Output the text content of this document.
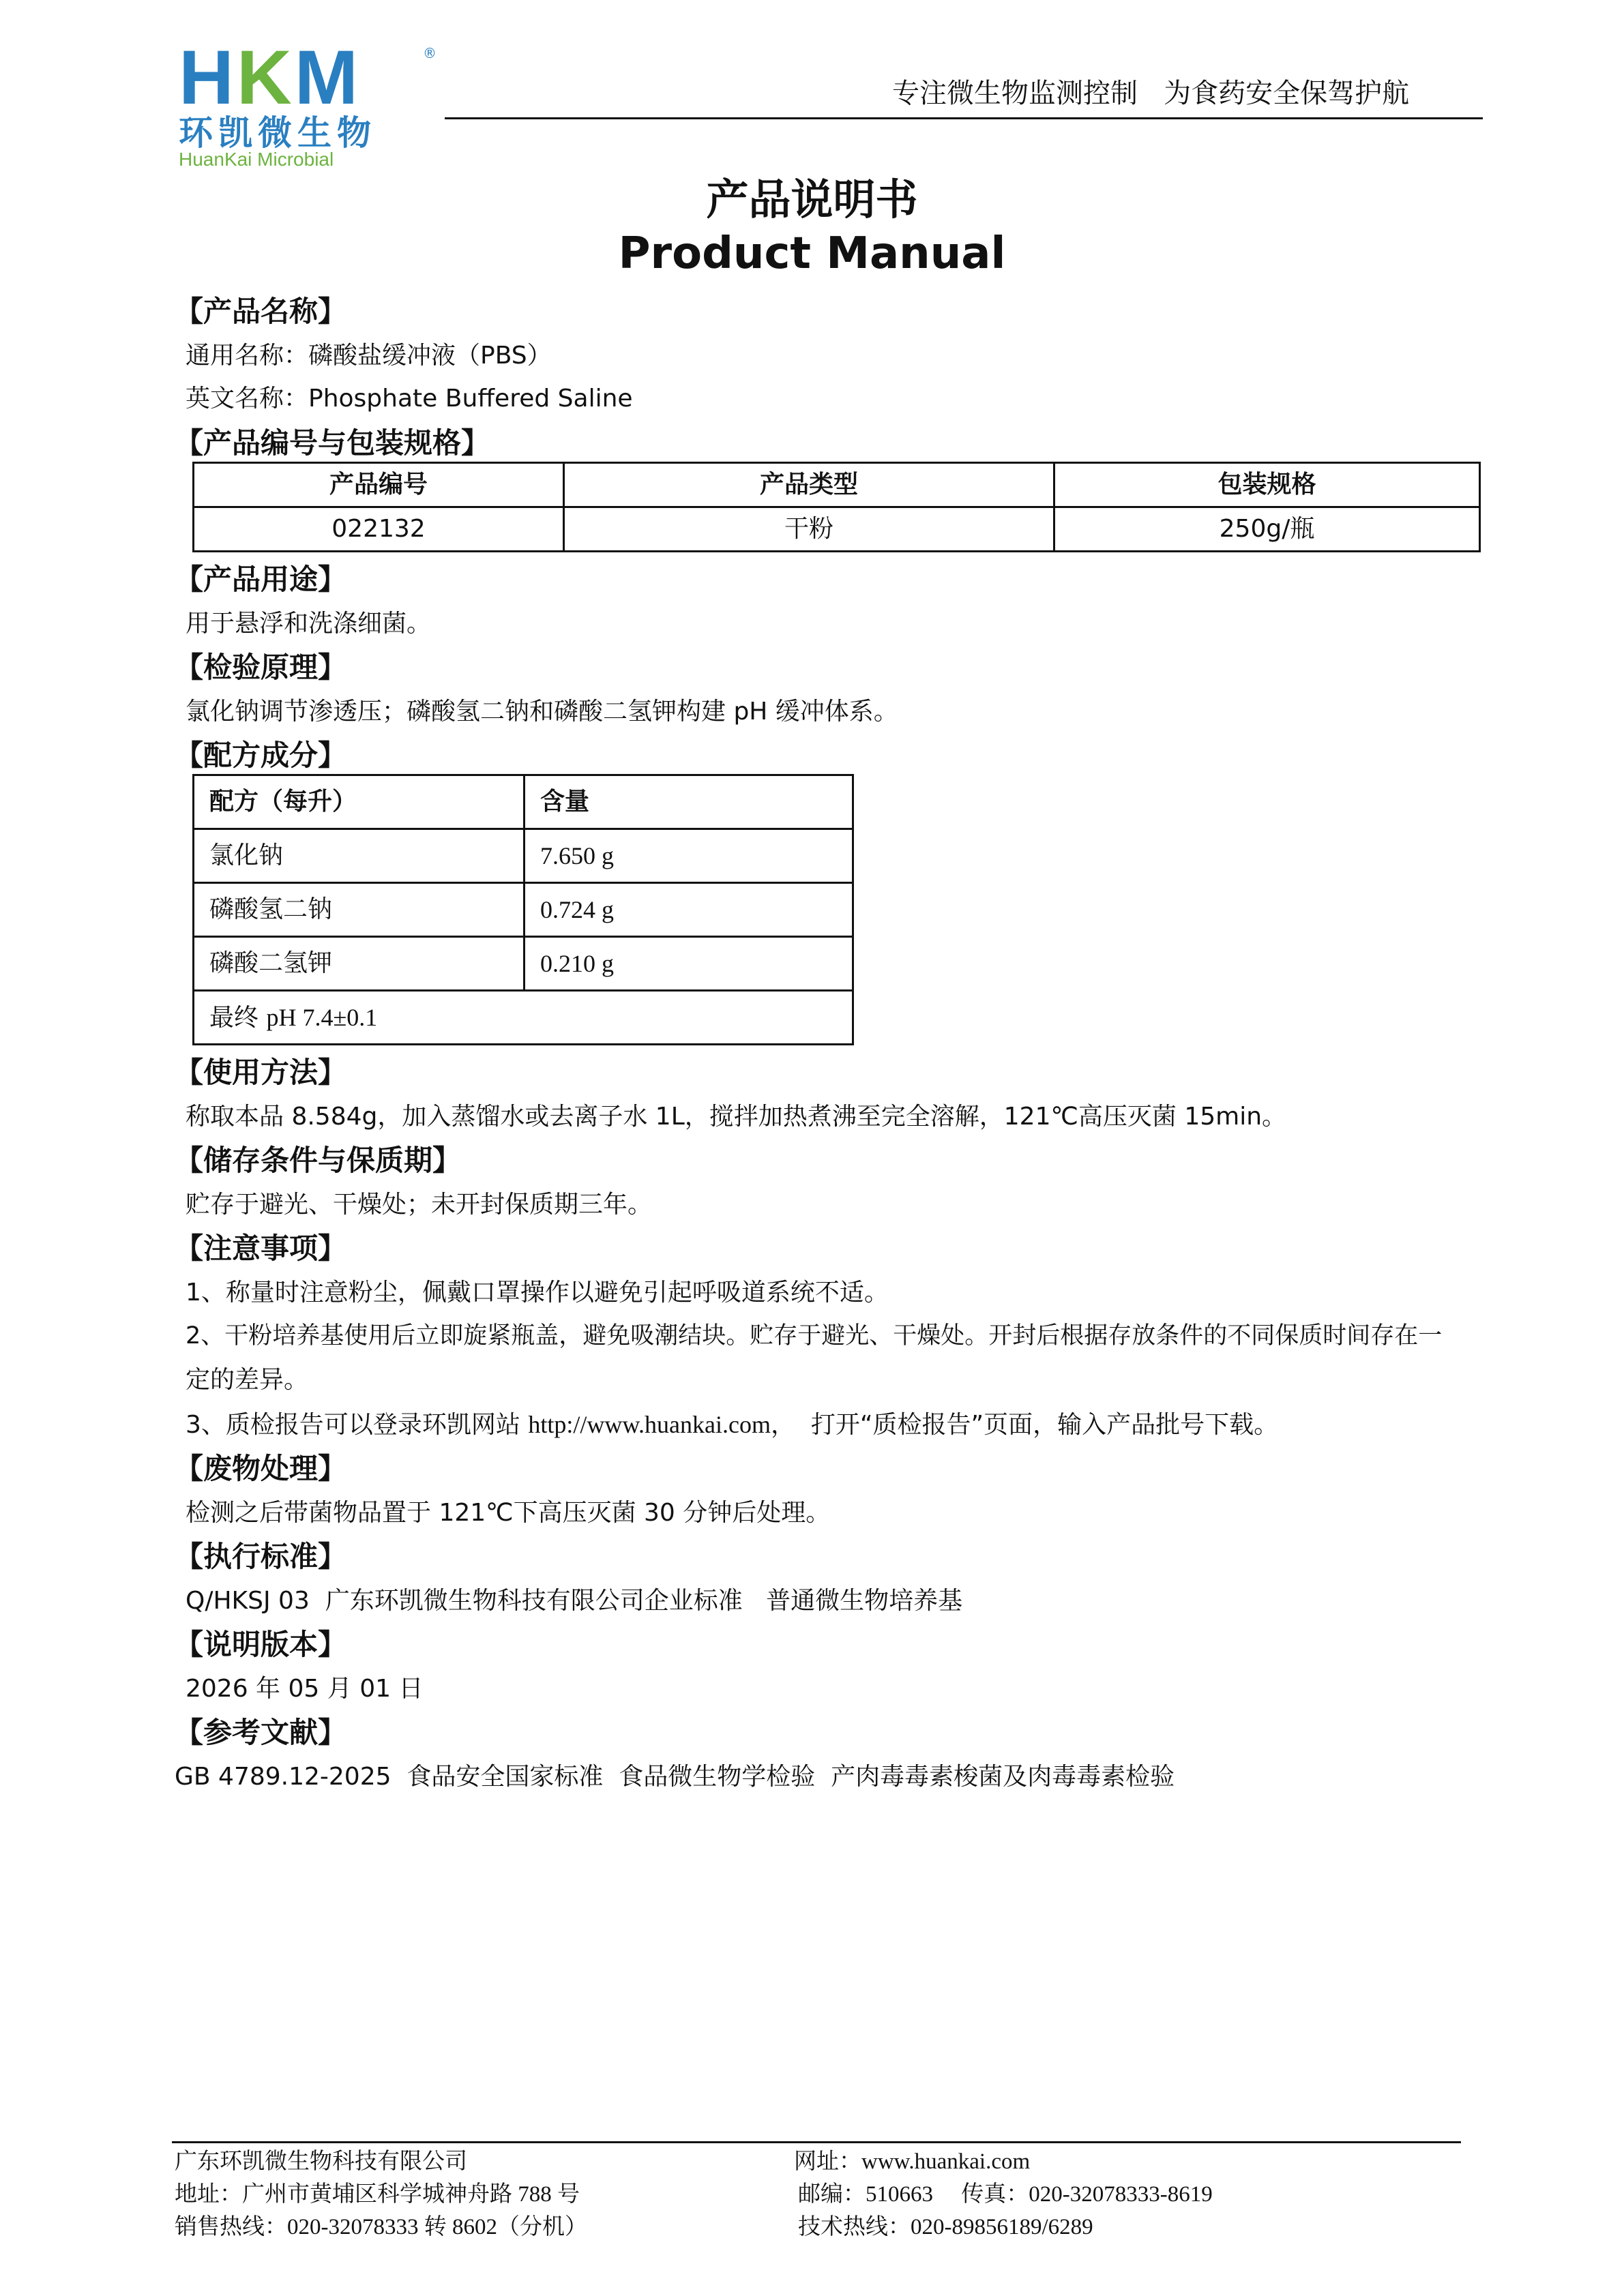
HKM	®
环凯微生物
HuanKai Microbial
专注微生物监测控制   为食药安全保驾护航
产品说明书
Product Manual
【产品名称】
通用名称：磷酸盐缓冲液（PBS）
英文名称：Phosphate Buffered Saline
【产品编号与包装规格】
产品编号	产品类型	包装规格
022132	干粉	250g/瓶
【产品用途】
用于悬浮和洗涤细菌。
【检验原理】
氯化钠调节渗透压；磷酸氢二钠和磷酸二氢钾构建 pH 缓冲体系。
【配方成分】
配方（每升）	含量
氯化钠	7.650 g
磷酸氢二钠	0.724 g
磷酸二氢钾	0.210 g
最终 pH 7.4±0.1	
【使用方法】
称取本品 8.584g，加入蒸馏水或去离子水 1L，搅拌加热煮沸至完全溶解，121℃高压灭菌 15min。
【储存条件与保质期】
贮存于避光、干燥处；未开封保质期三年。
【注意事项】
1、称量时注意粉尘，佩戴口罩操作以避免引起呼吸道系统不适。
2、干粉培养基使用后立即旋紧瓶盖，避免吸潮结块。贮存于避光、干燥处。开封后根据存放条件的不同保质时间存在一
定的差异。
3、质检报告可以登录环凯网站 http://www.huankai.com，  打开“质检报告”页面，输入产品批号下载。
【废物处理】
检测之后带菌物品置于 121℃下高压灭菌 30 分钟后处理。
【执行标准】
Q/HKSJ 03  广东环凯微生物科技有限公司企业标准   普通微生物培养基
【说明版本】
2026 年 05 月 01 日
【参考文献】
GB 4789.12-2025  食品安全国家标准  食品微生物学检验  产肉毒毒素梭菌及肉毒毒素检验
广东环凯微生物科技有限公司
地址：广州市黄埔区科学城神舟路 788 号
销售热线：020-32078333 转 8602（分机）
网址：www.huankai.com
邮编：510663     传真：020-32078333-8619
技术热线：020-89856189/6289
